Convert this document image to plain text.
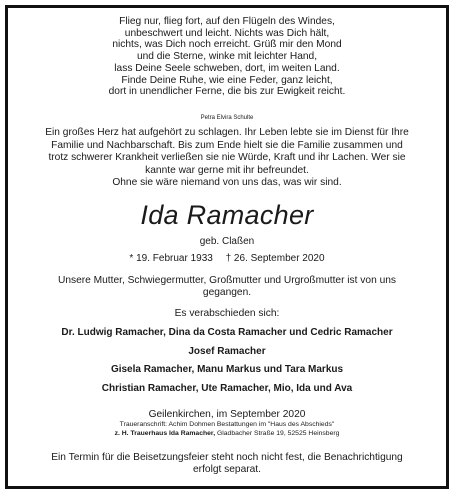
Flieg nur, flieg fort, auf den Flügeln des Windes,
unbeschwert und leicht. Nichts was Dich hält,
nichts, was Dich noch erreicht. Grüß mir den Mond
und die Sterne, winke mit leichter Hand,
lass Deine Seele schweben, dort, im weiten Land.
Finde Deine Ruhe, wie eine Feder, ganz leicht,
dort in unendlicher Ferne, die bis zur Ewigkeit reicht.
Petra Elvira Schulte
Ein großes Herz hat aufgehört zu schlagen. Ihr Leben lebte sie im Dienst für Ihre
Familie und Nachbarschaft. Bis zum Ende hielt sie die Familie zusammen und
trotz schwerer Krankheit verließen sie nie Würde, Kraft und ihr Lachen. Wer sie
kannte war gerne mit ihr befreundet.
Ohne sie wäre niemand von uns das, was wir sind.
Ida Ramacher
geb. Claßen
* 19. Februar 1933 † 26. September 2020
Unsere Mutter, Schwiegermutter, Großmutter und Urgroßmutter ist von uns
gegangen.
Es verabschieden sich:
Dr. Ludwig Ramacher, Dina da Costa Ramacher und Cedric Ramacher
Josef Ramacher
Gisela Ramacher, Manu Markus und Tara Markus
Christian Ramacher, Ute Ramacher, Mio, Ida und Ava
Geilenkirchen, im September 2020
Traueranschrift: Achim Dohmen Bestattungen im "Haus des Abschieds"
z. H. Trauerhaus Ida Ramacher, Gladbacher Straße 19, 52525 Heinsberg
Ein Termin für die Beisetzungsfeier steht noch nicht fest, die Benachrichtigung
erfolgt separat.
